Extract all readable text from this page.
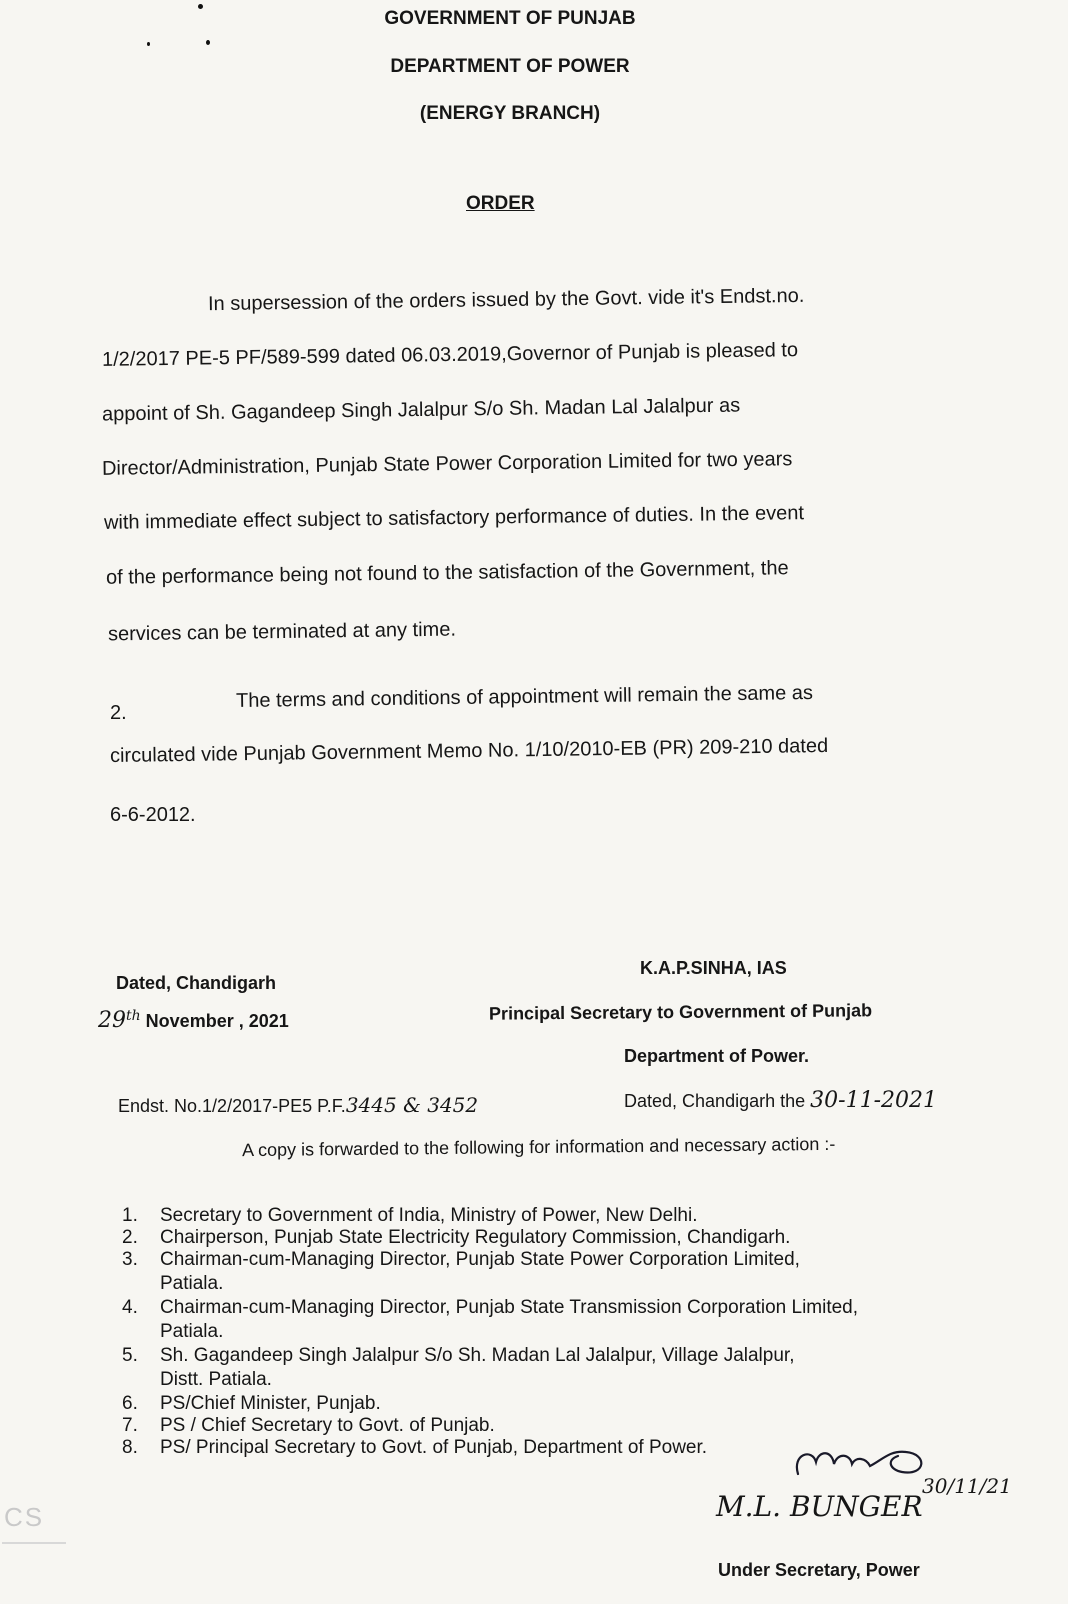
GOVERNMENT OF PUNJAB
DEPARTMENT OF POWER
(ENERGY BRANCH)
ORDER
In supersession of the orders issued by the Govt. vide it's Endst.no.
1/2/2017 PE-5 PF/589-599 dated 06.03.2019,Governor of Punjab is pleased to
appoint of Sh. Gagandeep Singh Jalalpur S/o Sh. Madan Lal Jalalpur as
Director/Administration, Punjab State Power Corporation Limited for two years
with immediate effect subject to satisfactory performance of duties. In the event
of the performance being not found to the satisfaction of the Government, the
services can be terminated at any time.
2.
The terms and conditions of appointment will remain the same as
circulated vide Punjab Government Memo No. 1/10/2010-EB (PR) 209-210 dated
6-6-2012.
Dated, Chandigarh
29th November , 2021
K.A.P.SINHA, IAS
Principal Secretary to Government of Punjab
Department of Power.
Endst. No.1/2/2017-PE5 P.F.3445 & 3452	Dated, Chandigarh the 30-11-2021
A copy is forwarded to the following for information and necessary action :-
1.	Secretary to Government of India, Ministry of Power, New Delhi.
2.	Chairperson, Punjab State Electricity Regulatory Commission, Chandigarh.
3.	Chairman-cum-Managing Director, Punjab State Power Corporation Limited,
Patiala.
4.	Chairman-cum-Managing Director, Punjab State Transmission Corporation Limited,
Patiala.
5.	Sh. Gagandeep Singh Jalalpur S/o Sh. Madan Lal Jalalpur, Village Jalalpur,
Distt. Patiala.
6.	PS/Chief Minister, Punjab.
7.	PS / Chief Secretary to Govt. of Punjab.
8.	PS/ Principal Secretary to Govt. of Punjab, Department of Power.
M.L. BUNGER
30/11/21
Under Secretary, Power
CS
